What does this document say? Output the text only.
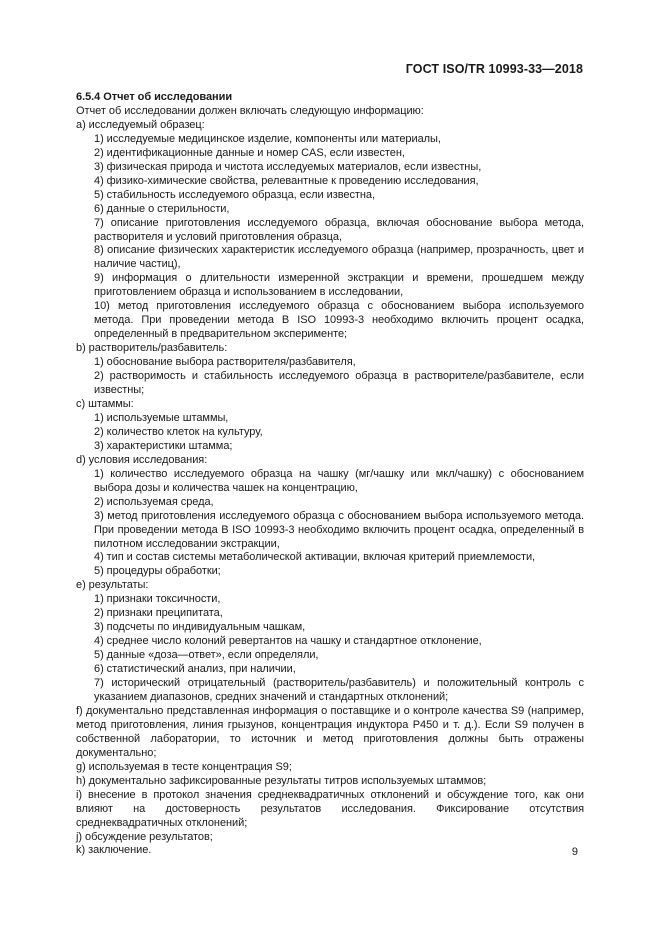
ГОСТ ISO/TR 10993-33—2018

6.5.4 Отчет об исследовании

Отчет об исследовании должен включать следующую информацию:

a) исследуемый образец:

1) исследуемые медицинское изделие, компоненты или материалы,

2) идентификационные данные и номер CAS, если известен,

3) физическая природа и чистота исследуемых материалов, если известны,

4) физико-химические свойства, релевантные к проведению исследования,

5) стабильность исследуемого образца, если известна,

6) данные о стерильности,

7) описание приготовления исследуемого образца, включая обоснование выбора метода, растворителя и условий приготовления образца,

8) описание физических характеристик исследуемого образца (например, прозрачность, цвет и наличие частиц),

9) информация о длительности измеренной экстракции и времени, прошедшем между приготовлением образца и использованием в исследовании,

10) метод приготовления исследуемого образца с обоснованием выбора используемого метода. При проведении метода В ISO 10993-3 необходимо включить процент осадка, определенный в предварительном эксперименте;

b) растворитель/разбавитель:

1) обоснование выбора растворителя/разбавителя,

2) растворимость и стабильность исследуемого образца в растворителе/разбавителе, если известны;

c) штаммы:

1) используемые штаммы,

2) количество клеток на культуру,

3) характеристики штамма;

d) условия исследования:

1) количество исследуемого образца на чашку (мг/чашку или мкл/чашку) с обоснованием выбора дозы и количества чашек на концентрацию,

2) используемая среда,

3) метод приготовления исследуемого образца с обоснованием выбора используемого метода. При проведении метода В ISO 10993-3 необходимо включить процент осадка, определенный в пилотном исследовании экстракции,

4) тип и состав системы метаболической активации, включая критерий приемлемости,

5) процедуры обработки;

e) результаты:

1) признаки токсичности,

2) признаки преципитата,

3) подсчеты по индивидуальным чашкам,

4) среднее число колоний ревертантов на чашку и стандартное отклонение,

5) данные «доза—ответ», если определяли,

6) статистический анализ, при наличии,

7) исторический отрицательный (растворитель/разбавитель) и положительный контроль с указанием диапазонов, средних значений и стандартных отклонений;

f) документально представленная информация о поставщике и о контроле качества S9 (например, метод приготовления, линия грызунов, концентрация индуктора Р450 и т. д.). Если S9 получен в собственной лаборатории, то источник и метод приготовления должны быть отражены документально;

g) используемая в тесте концентрация S9;

h) документально зафиксированные результаты титров используемых штаммов;

i) внесение в протокол значения среднеквадратичных отклонений и обсуждение того, как они влияют на достоверность результатов исследования. Фиксирование отсутствия среднеквадратичных отклонений;

j) обсуждение результатов;

k) заключение.	9
